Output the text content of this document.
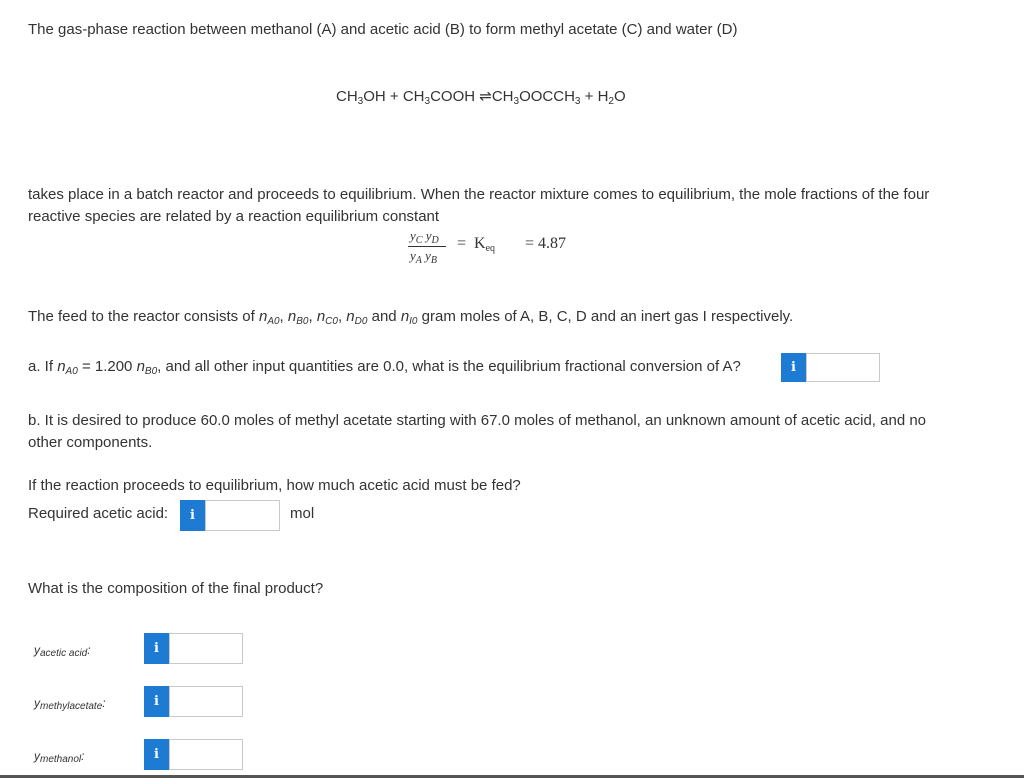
The gas-phase reaction between methanol (A) and acetic acid (B) to form methyl acetate (C) and water (D)
$CH_3OH$ + $CH_3COOH$ $\rightleftharpoons CH_3OOCCH_3 + H_2O$
takes place in a batch reactor and proceeds to equilibrium. When the reactor mixture comes to equilibrium, the mole fractions of the four reactive species are related by a reaction equilibrium constant
$y_C$ $y_D$
$y_A$ $y_B$
= $K_{eq} = 4.87$
The feed to the reactor consists of $n_{A0}$, $n_{B0}$, $n_{C0}$, $n_{D0}$ and $n_{I0}$ gram moles of A, B, C, D and an inert gas I respectively.
a. If $n_{A0} = 1.200$ $n_{B0}$, and all other input quantities are 0.0, what is the equilibrium fractional conversion of A?	i
b. It is desired to produce 60.0 moles of methyl acetate starting with 67.0 moles of methanol, an unknown amount of acetic acid, and no other components.
If the reaction proceeds to equilibrium, how much acetic acid must be fed?
Required acetic acid:	i	mol
What is the composition of the final product?
$y_{acetic acid}$:	i
$y_{methylacetate}$:	i
$y_{methanol}$:	i
